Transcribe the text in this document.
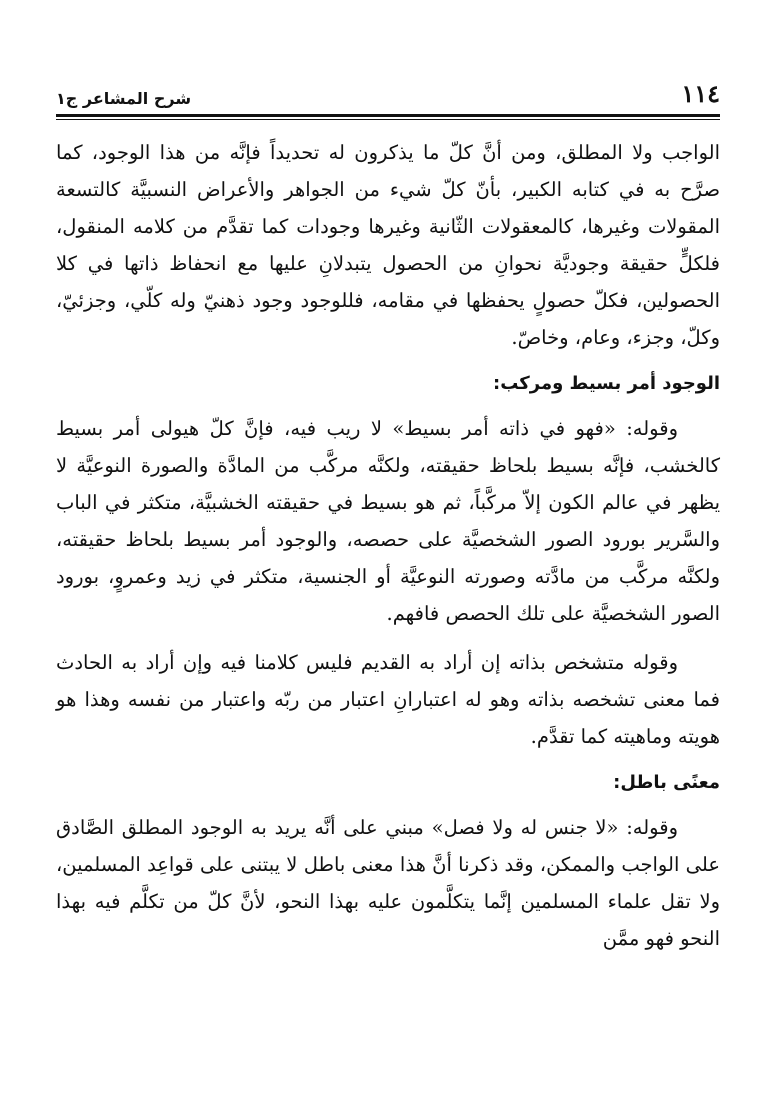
١١٤
شرح المشاعر ج١

الواجب ولا المطلق، ومن أنَّ كلّ ما يذكرون له تحديداً فإنَّه من هذا الوجود، كما صرَّح به في كتابه الكبير، بأنّ كلّ شيء من الجواهر والأعراض النسبيَّة كالتسعة المقولات وغيرها، كالمعقولات الثّانية وغيرها وجودات كما تقدَّم من كلامه المنقول، فلكلٍّ حقيقة وجوديَّة نحوانِ من الحصول يتبدلانِ عليها مع انحفاظ ذاتها في كلا الحصولين، فكلّ حصولٍ يحفظها في مقامه، فللوجود وجود ذهنيّ وله كلّي، وجزئيّ، وكلّ، وجزء، وعام، وخاصّ.

الوجود أمر بسيط ومركب:

وقوله: «فهو في ذاته أمر بسيط» لا ريب فيه، فإنَّ كلّ هيولى أمر بسيط كالخشب، فإنَّه بسيط بلحاظ حقيقته، ولكنَّه مركَّب من المادَّة والصورة النوعيَّة لا يظهر في عالم الكون إلاّ مركَّباً، ثم هو بسيط في حقيقته الخشبيَّة، متكثر في الباب والسَّرير بورود الصور الشخصيَّة على حصصه، والوجود أمر بسيط بلحاظ حقيقته، ولكنَّه مركَّب من مادَّته وصورته النوعيَّة أو الجنسية، متكثر في زيد وعمروٍ، بورود الصور الشخصيَّة على تلك الحصص فافهم.

وقوله متشخص بذاته إن أراد به القديم فليس كلامنا فيه وإن أراد به الحادث فما معنى تشخصه بذاته وهو له اعتبارانِ اعتبار من ربّه واعتبار من نفسه وهذا هو هويته وماهيته كما تقدَّم.

معنًى باطل:

وقوله: «لا جنس له ولا فصل» مبني على أنَّه يريد به الوجود المطلق الصَّادق على الواجب والممكن، وقد ذكرنا أنَّ هذا معنى باطل لا يبتنى على قواعِد المسلمين، ولا تقل علماء المسلمين إنَّما يتكلَّمون عليه بهذا النحو، لأنَّ كلّ من تكلَّم فيه بهذا النحو فهو ممَّن
